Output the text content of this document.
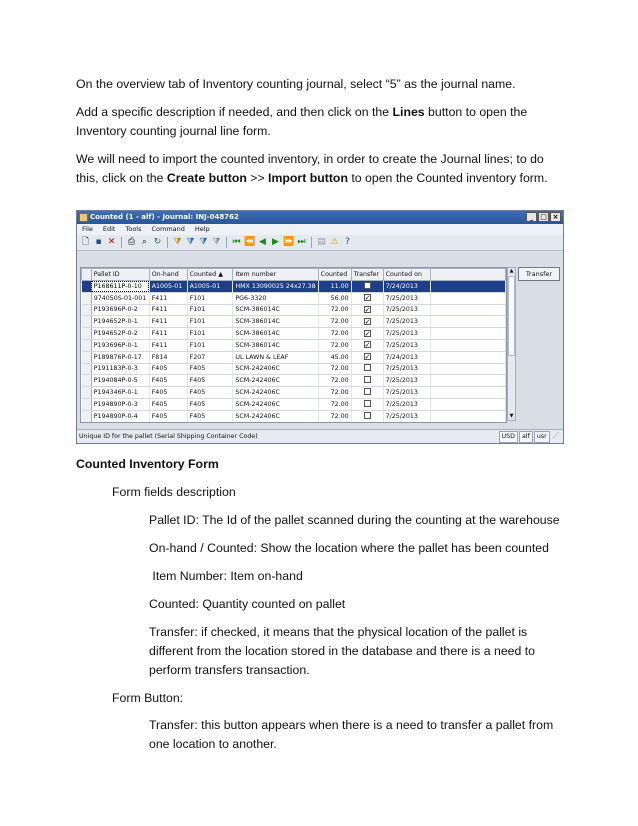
On the overview tab of Inventory counting journal, select “5” as the journal name.

Add a specific description if needed, and then click on the Lines button to open the Inventory counting journal line form.

We will need to import the counted inventory, in order to create the Journal lines; to do this, click on the Create button >> Import button to open the Counted inventory form.

Counted (1 - alf) - Journal: INJ-048762	_ □ ×
File	Edit	Tools	Command	Help
🗋 ▪ ✕ ⎙ ⌕ ↻ ⧩ ⧩ ⧩ ⧩ ⏮ ⏪ ◀ ▶ ⏩ ⏭ ▤ ⚠ ?
	Pallet ID	On-hand	Counted ▲	Item number	Counted	Transfer	Counted on	
	P168611P-0-10	A1005-01	A1005-01	HMX 13090025 24x27.38	11.00		7/24/2013	
	974050S-01-001	F411	F101	PG6-3320	56.00	✓	7/25/2013	
	P193696P-0-2	F411	F101	SCM-386014C	72.00	✓	7/25/2013	
	P194652P-0-1	F411	F101	SCM-386014C	72.00	✓	7/25/2013	
	P194652P-0-2	F411	F101	SCM-386014C	72.00	✓	7/25/2013	
	P193696P-0-1	F411	F101	SCM-386014C	72.00	✓	7/25/2013	
	P189876P-0-17	F814	F207	UL LAWN & LEAF	45.00	✓	7/24/2013	
	P191183P-0-3	F405	F405	SCM-242406C	72.00		7/25/2013	
	P194084P-0-5	F405	F405	SCM-242406C	72.00		7/25/2013	
	P194346P-0-1	F405	F405	SCM-242406C	72.00		7/25/2013	
	P194890P-0-3	F405	F405	SCM-242406C	72.00		7/25/2013	
	P194890P-0-4	F405	F405	SCM-242406C	72.00		7/25/2013	
▲
▼
Transfer
Unique ID for the pallet (Serial Shipping Container Code)	USD	alf	usr ⋰

Counted Inventory Form

Form fields description

Pallet ID: The Id of the pallet scanned during the counting at the warehouse

On-hand / Counted: Show the location where the pallet has been counted

Item Number: Item on-hand

Counted: Quantity counted on pallet

Transfer: if checked, it means that the physical location of the pallet is different from the location stored in the database and there is a need to perform transfers transaction.

Form Button:

Transfer: this button appears when there is a need to transfer a pallet from one location to another.
